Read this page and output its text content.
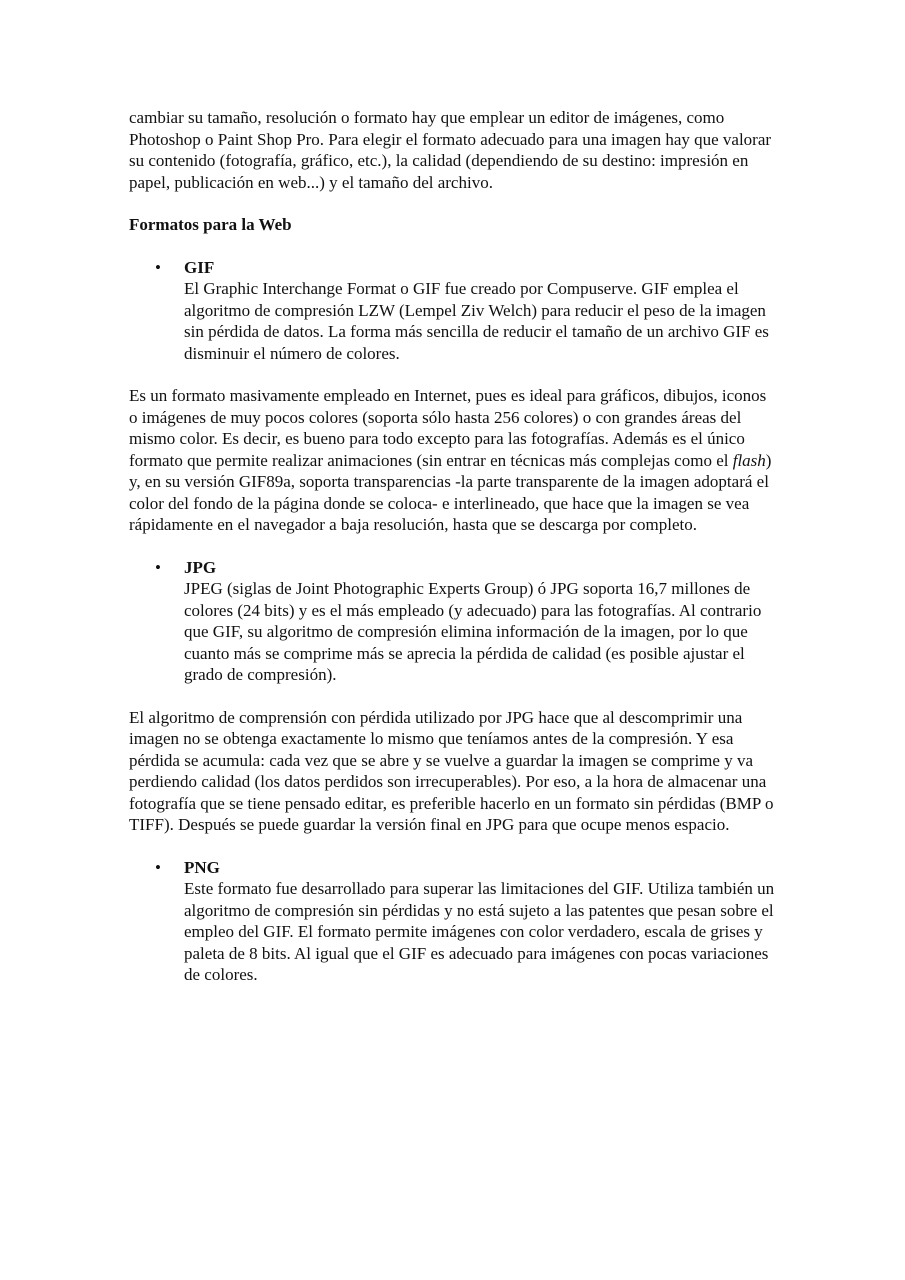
cambiar su tamaño, resolución o formato hay que emplear un editor de imágenes, como Photoshop o Paint Shop Pro. Para elegir el formato adecuado para una imagen hay que valorar su contenido (fotografía, gráfico, etc.), la calidad (dependiendo de su destino: impresión en papel, publicación en web...) y el tamaño del archivo.

Formatos para la Web

• GIF
El Graphic Interchange Format o GIF fue creado por Compuserve. GIF emplea el algoritmo de compresión LZW (Lempel Ziv Welch) para reducir el peso de la imagen sin pérdida de datos. La forma más sencilla de reducir el tamaño de un archivo GIF es disminuir el número de colores.

Es un formato masivamente empleado en Internet, pues es ideal para gráficos, dibujos, iconos o imágenes de muy pocos colores (soporta sólo hasta 256 colores) o con grandes áreas del mismo color. Es decir, es bueno para todo excepto para las fotografías. Además es el único formato que permite realizar animaciones (sin entrar en técnicas más complejas como el flash) y, en su versión GIF89a, soporta transparencias -la parte transparente de la imagen adoptará el color del fondo de la página donde se coloca- e interlineado, que hace que la imagen se vea rápidamente en el navegador a baja resolución, hasta que se descarga por completo.

• JPG
JPEG (siglas de Joint Photographic Experts Group) ó JPG soporta 16,7 millones de colores (24 bits) y es el más empleado (y adecuado) para las fotografías. Al contrario que GIF, su algoritmo de compresión elimina información de la imagen, por lo que cuanto más se comprime más se aprecia la pérdida de calidad (es posible ajustar el grado de compresión).

El algoritmo de comprensión con pérdida utilizado por JPG hace que al descomprimir una imagen no se obtenga exactamente lo mismo que teníamos antes de la compresión. Y esa pérdida se acumula: cada vez que se abre y se vuelve a guardar la imagen se comprime y va perdiendo calidad (los datos perdidos son irrecuperables). Por eso, a la hora de almacenar una fotografía que se tiene pensado editar, es preferible hacerlo en un formato sin pérdidas (BMP o TIFF). Después se puede guardar la versión final en JPG para que ocupe menos espacio.

• PNG
Este formato fue desarrollado para superar las limitaciones del GIF. Utiliza también un algoritmo de compresión sin pérdidas y no está sujeto a las patentes que pesan sobre el empleo del GIF. El formato permite imágenes con color verdadero, escala de grises y paleta de 8 bits. Al igual que el GIF es adecuado para imágenes con pocas variaciones de colores.
